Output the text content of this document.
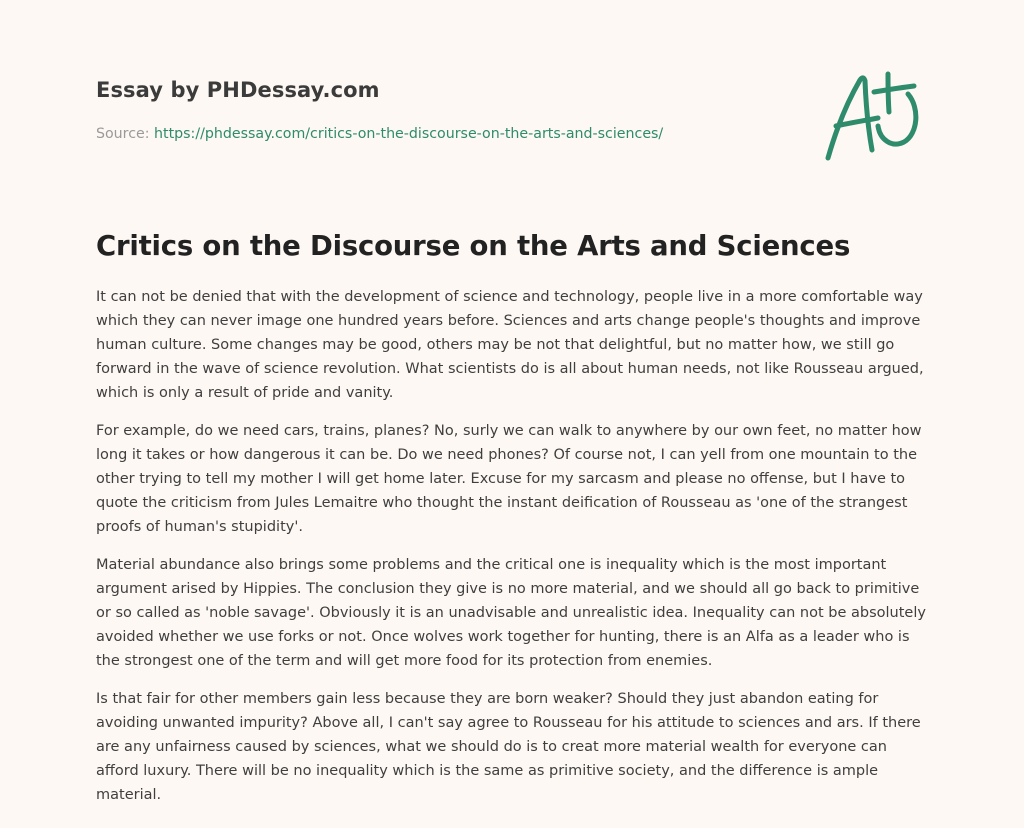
Essay by PHDessay.com
Source: https://phdessay.com/critics-on-the-discourse-on-the-arts-and-sciences/
Critics on the Discourse on the Arts and Sciences

It can not be denied that with the development of science and technology, people live in a more comfortable way which they can never image one hundred years before. Sciences and arts change people's thoughts and improve human culture. Some changes may be good, others may be not that delightful, but no matter how, we still go forward in the wave of science revolution. What scientists do is all about human needs, not like Rousseau argued, which is only a result of pride and vanity.

For example, do we need cars, trains, planes? No, surly we can walk to anywhere by our own feet, no matter how long it takes or how dangerous it can be. Do we need phones? Of course not, I can yell from one mountain to the other trying to tell my mother I will get home later. Excuse for my sarcasm and please no offense, but I have to quote the criticism from Jules Lemaitre who thought the instant deification of Rousseau as 'one of the strangest proofs of human's stupidity'.

Material abundance also brings some problems and the critical one is inequality which is the most important argument arised by Hippies. The conclusion they give is no more material, and we should all go back to primitive or so called as 'noble savage'. Obviously it is an unadvisable and unrealistic idea. Inequality can not be absolutely avoided whether we use forks or not. Once wolves work together for hunting, there is an Alfa as a leader who is the strongest one of the term and will get more food for its protection from enemies.

Is that fair for other members gain less because they are born weaker? Should they just abandon eating for avoiding unwanted impurity? Above all, I can't say agree to Rousseau for his attitude to sciences and ars. If there are any unfairness caused by sciences, what we should do is to creat more material wealth for everyone can afford luxury. There will be no inequality which is the same as primitive society, and the difference is ample material.
